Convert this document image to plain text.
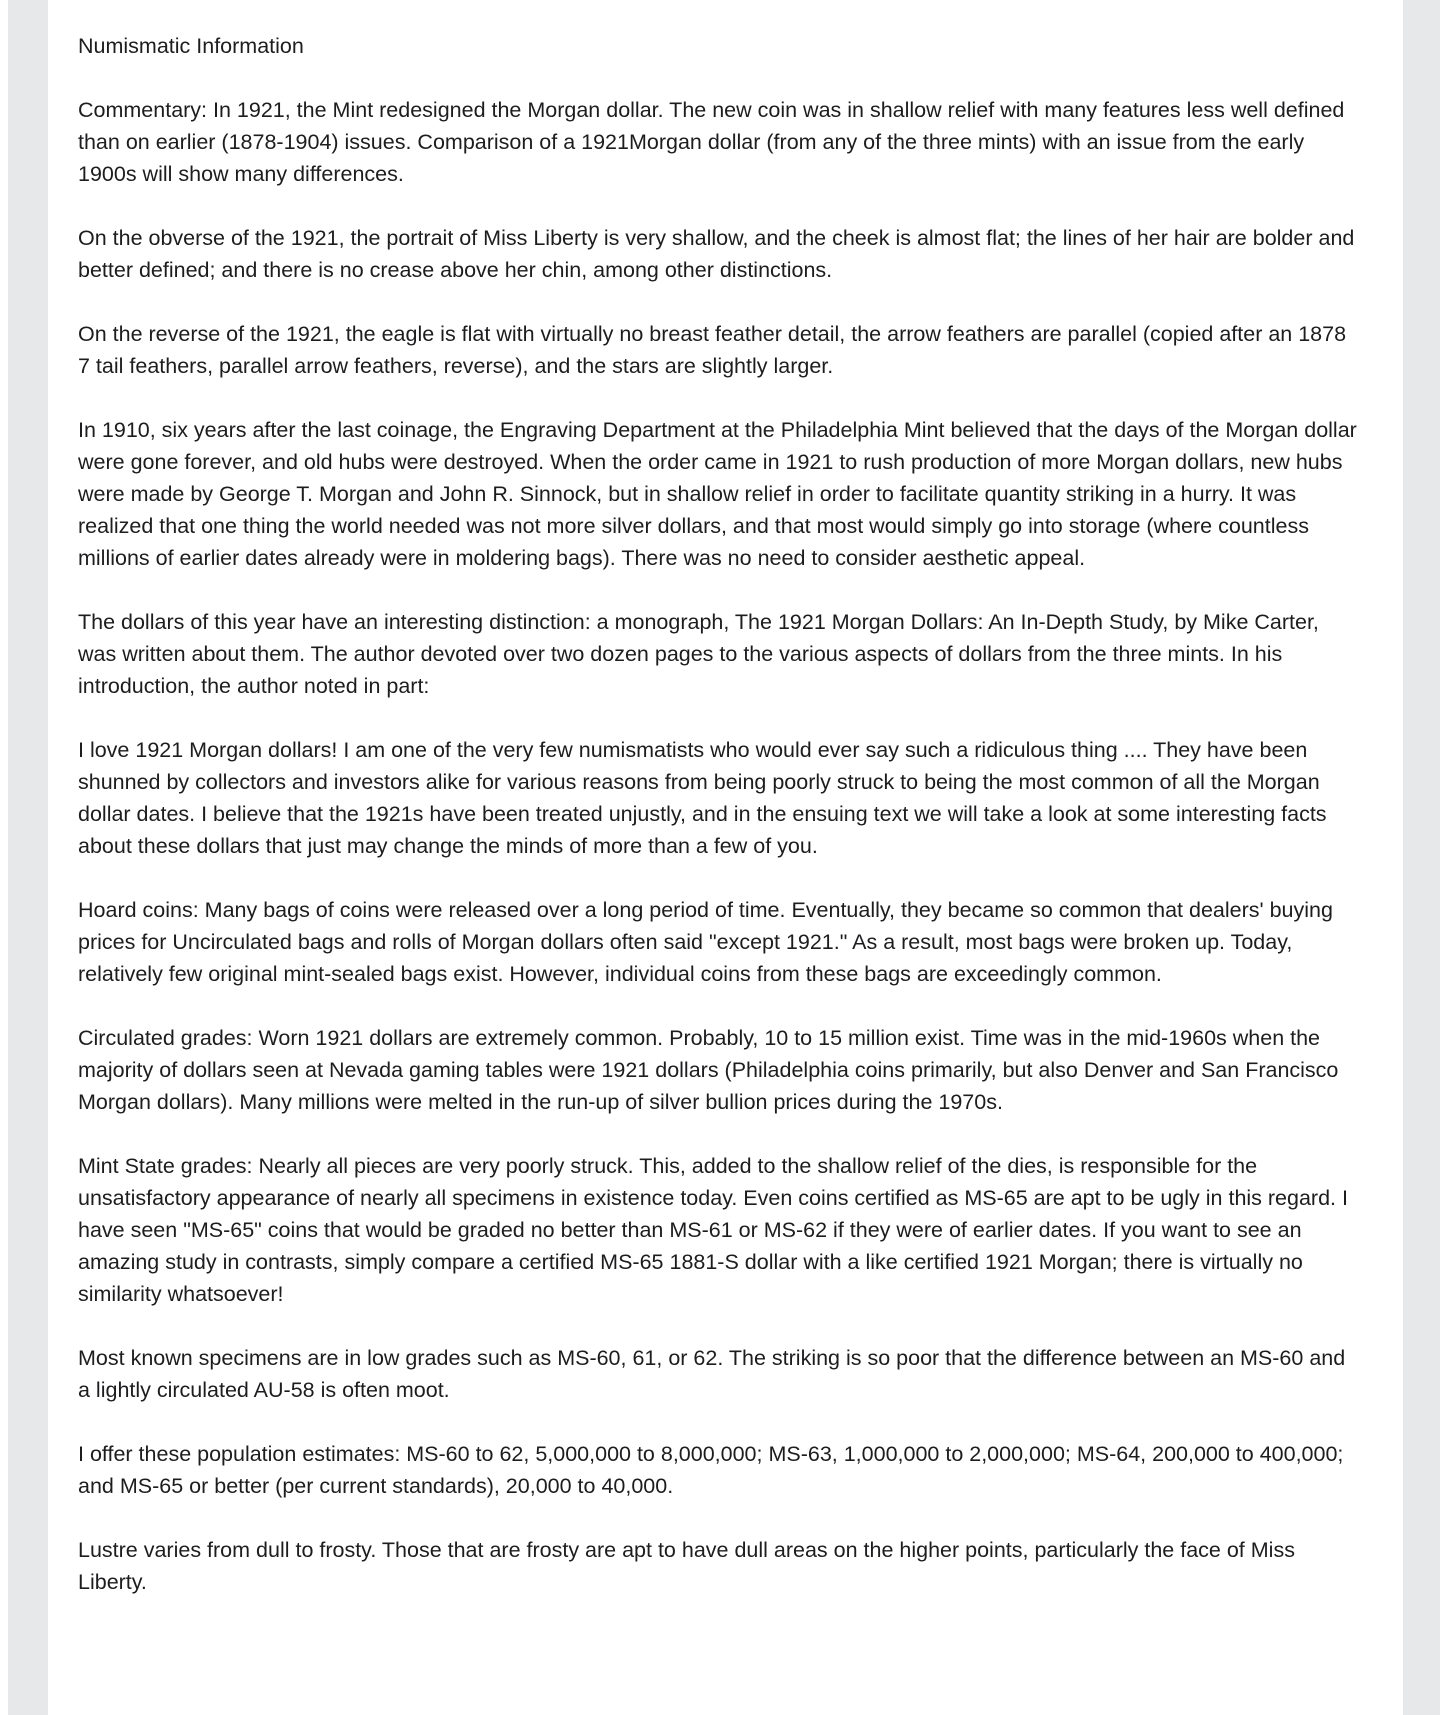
Numismatic Information

Commentary: In 1921, the Mint redesigned the Morgan dollar. The new coin was in shallow relief with many features less well defined than on earlier (1878-1904) issues. Comparison of a 1921Morgan dollar (from any of the three mints) with an issue from the early 1900s will show many differences.

On the obverse of the 1921, the portrait of Miss Liberty is very shallow, and the cheek is almost flat; the lines of her hair are bolder and better defined; and there is no crease above her chin, among other distinctions.

On the reverse of the 1921, the eagle is flat with virtually no breast feather detail, the arrow feathers are parallel (copied after an 1878 7 tail feathers, parallel arrow feathers, reverse), and the stars are slightly larger.

In 1910, six years after the last coinage, the Engraving Department at the Philadelphia Mint believed that the days of the Morgan dollar were gone forever, and old hubs were destroyed. When the order came in 1921 to rush production of more Morgan dollars, new hubs were made by George T. Morgan and John R. Sinnock, but in shallow relief in order to facilitate quantity striking in a hurry. It was realized that one thing the world needed was not more silver dollars, and that most would simply go into storage (where countless millions of earlier dates already were in moldering bags). There was no need to consider aesthetic appeal.

The dollars of this year have an interesting distinction: a monograph, The 1921 Morgan Dollars: An In-Depth Study, by Mike Carter, was written about them. The author devoted over two dozen pages to the various aspects of dollars from the three mints. In his introduction, the author noted in part:

I love 1921 Morgan dollars! I am one of the very few numismatists who would ever say such a ridiculous thing .... They have been shunned by collectors and investors alike for various reasons from being poorly struck to being the most common of all the Morgan dollar dates. I believe that the 1921s have been treated unjustly, and in the ensuing text we will take a look at some interesting facts about these dollars that just may change the minds of more than a few of you.

Hoard coins: Many bags of coins were released over a long period of time. Eventually, they became so common that dealers' buying prices for Uncirculated bags and rolls of Morgan dollars often said "except 1921." As a result, most bags were broken up. Today, relatively few original mint-sealed bags exist. However, individual coins from these bags are exceedingly common.

Circulated grades: Worn 1921 dollars are extremely common. Probably, 10 to 15 million exist. Time was in the mid-1960s when the majority of dollars seen at Nevada gaming tables were 1921 dollars (Philadelphia coins primarily, but also Denver and San Francisco Morgan dollars). Many millions were melted in the run-up of silver bullion prices during the 1970s.

Mint State grades: Nearly all pieces are very poorly struck. This, added to the shallow relief of the dies, is responsible for the unsatisfactory appearance of nearly all specimens in existence today. Even coins certified as MS-65 are apt to be ugly in this regard. I have seen "MS-65" coins that would be graded no better than MS-61 or MS-62 if they were of earlier dates. If you want to see an amazing study in contrasts, simply compare a certified MS-65 1881-S dollar with a like certified 1921 Morgan; there is virtually no similarity whatsoever!

Most known specimens are in low grades such as MS-60, 61, or 62. The striking is so poor that the difference between an MS-60 and a lightly circulated AU-58 is often moot.

I offer these population estimates: MS-60 to 62, 5,000,000 to 8,000,000; MS-63, 1,000,000 to 2,000,000; MS-64, 200,000 to 400,000; and MS-65 or better (per current standards), 20,000 to 40,000.

Lustre varies from dull to frosty. Those that are frosty are apt to have dull areas on the higher points, particularly the face of Miss Liberty.
